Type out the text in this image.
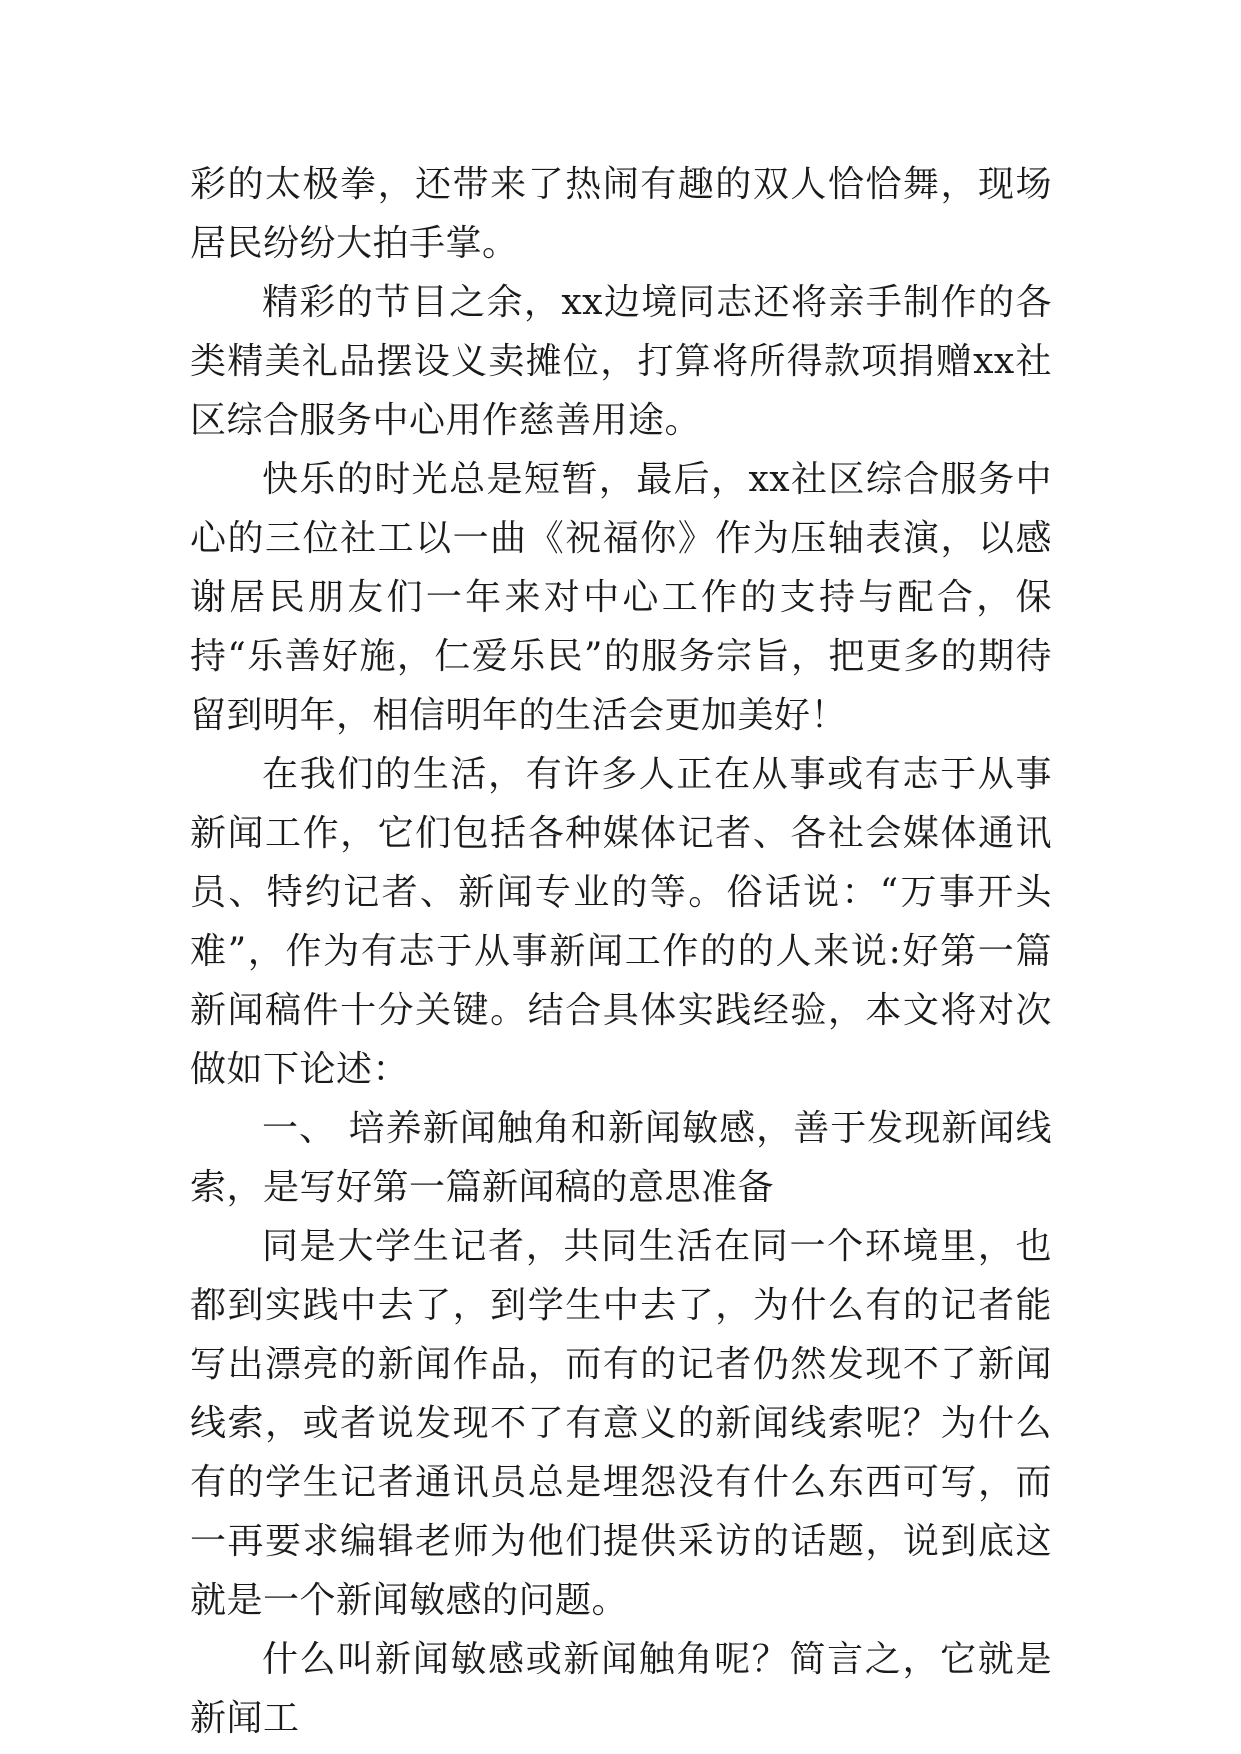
彩的太极拳，还带来了热闹有趣的双人恰恰舞，现场居民纷纷大拍手掌。

精彩的节目之余，xx边境同志还将亲手制作的各类精美礼品摆设义卖摊位，打算将所得款项捐赠xx社区综合服务中心用作慈善用途。

快乐的时光总是短暂，最后，xx社区综合服务中心的三位社工以一曲《祝福你》作为压轴表演，以感谢居民朋友们一年来对中心工作的支持与配合，保持“乐善好施，仁爱乐民”的服务宗旨，把更多的期待留到明年，相信明年的生活会更加美好！

在我们的生活，有许多人正在从事或有志于从事新闻工作，它们包括各种媒体记者、各社会媒体通讯员、特约记者、新闻专业的等。俗话说：“万事开头难”，作为有志于从事新闻工作的的人来说:好第一篇新闻稿件十分关键。结合具体实践经验，本文将对次做如下论述：

一、 培养新闻触角和新闻敏感，善于发现新闻线索，是写好第一篇新闻稿的意思准备

同是大学生记者，共同生活在同一个环境里，也都到实践中去了，到学生中去了，为什么有的记者能写出漂亮的新闻作品，而有的记者仍然发现不了新闻线索，或者说发现不了有意义的新闻线索呢？为什么有的学生记者通讯员总是埋怨没有什么东西可写，而一再要求编辑老师为他们提供采访的话题，说到底这就是一个新闻敏感的问题。

什么叫新闻敏感或新闻触角呢？简言之，它就是新闻工
